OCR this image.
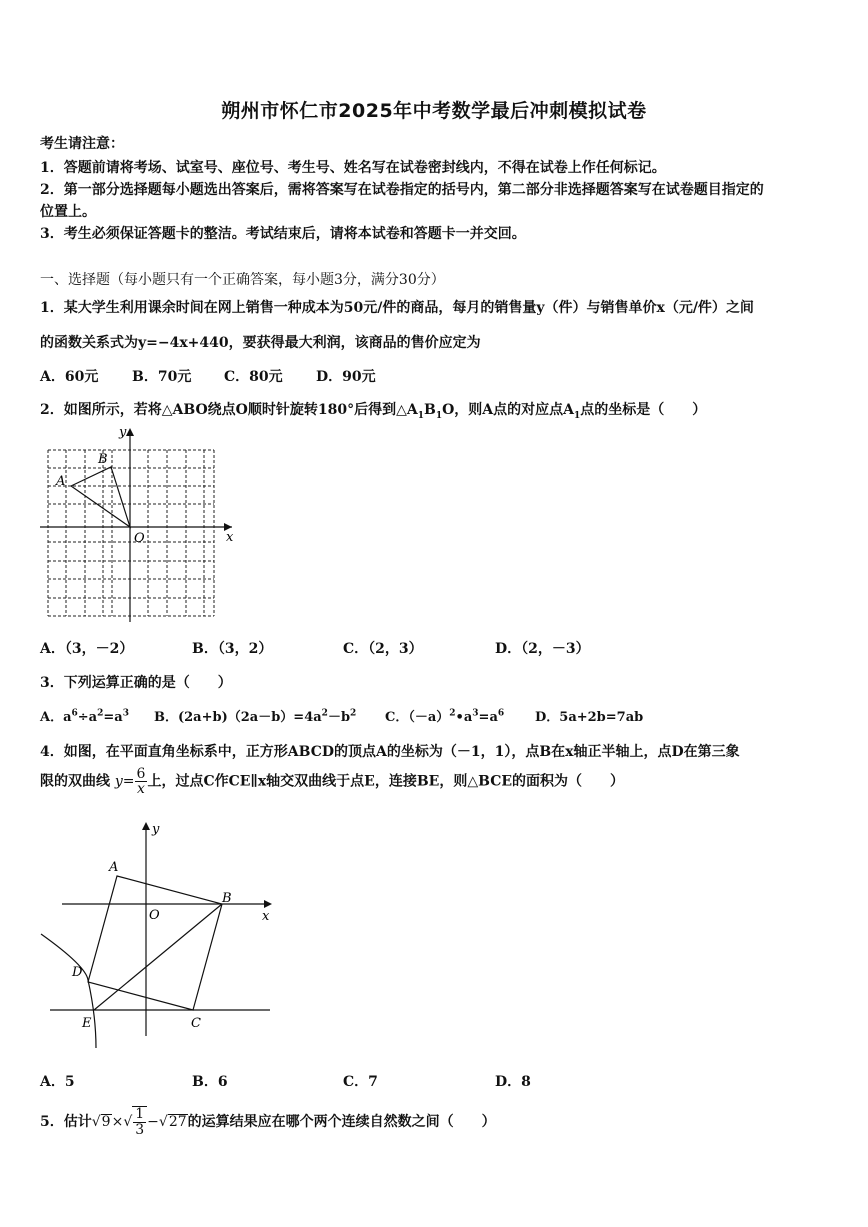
朔州市怀仁市2025年中考数学最后冲刺模拟试卷
考生请注意：
1．答题前请将考场、试室号、座位号、考生号、姓名写在试卷密封线内，不得在试卷上作任何标记。
2．第一部分选择题每小题选出答案后，需将答案写在试卷指定的括号内，第二部分非选择题答案写在试卷题目指定的
位置上。
3．考生必须保证答题卡的整洁。考试结束后，请将本试卷和答题卡一并交回。
一、选择题（每小题只有一个正确答案，每小题3分，满分30分）
1．某大学生利用课余时间在网上销售一种成本为50元/件的商品，每月的销售量y（件）与销售单价x（元/件）之间
的函数关系式为y=−4x+440，要获得最大利润，该商品的售价应定为
A．60元 B．70元 C．80元 D．90元
2．如图所示，若将△ABO绕点O顺时针旋转180°后得到$\triangle A_1B_1O$，则A点的对应点$A_1$点的坐标是（　　）
y
x
A
B
O
A．（3，－2）	B．（3，2）	C．（2，3）	D．（2，－3）
3．下列运算正确的是（　　）
A．$a^6\div a^2=a^3$ B．$(2a+b)(2a-b)=4a^2-b^2$ C．$(-a)^2•a^3=a^6$ D．5a+2b=7ab
4．如图，在平面直角坐标系中，正方形ABCD的顶点A的坐标为（－1，1），点B在x轴正半轴上，点D在第三象
限的双曲线 $y= \frac{6}{x}$ 上，过点C作CE∥x轴交双曲线于点E，连接BE，则△BCE的面积为（　　）
y
x
A
B
O
D
E	C
A．5	B．6	C．7	D．8
5．估计$√9\times√ \frac{1}{3} -√27$的运算结果应在哪个两个连续自然数之间（　　）
